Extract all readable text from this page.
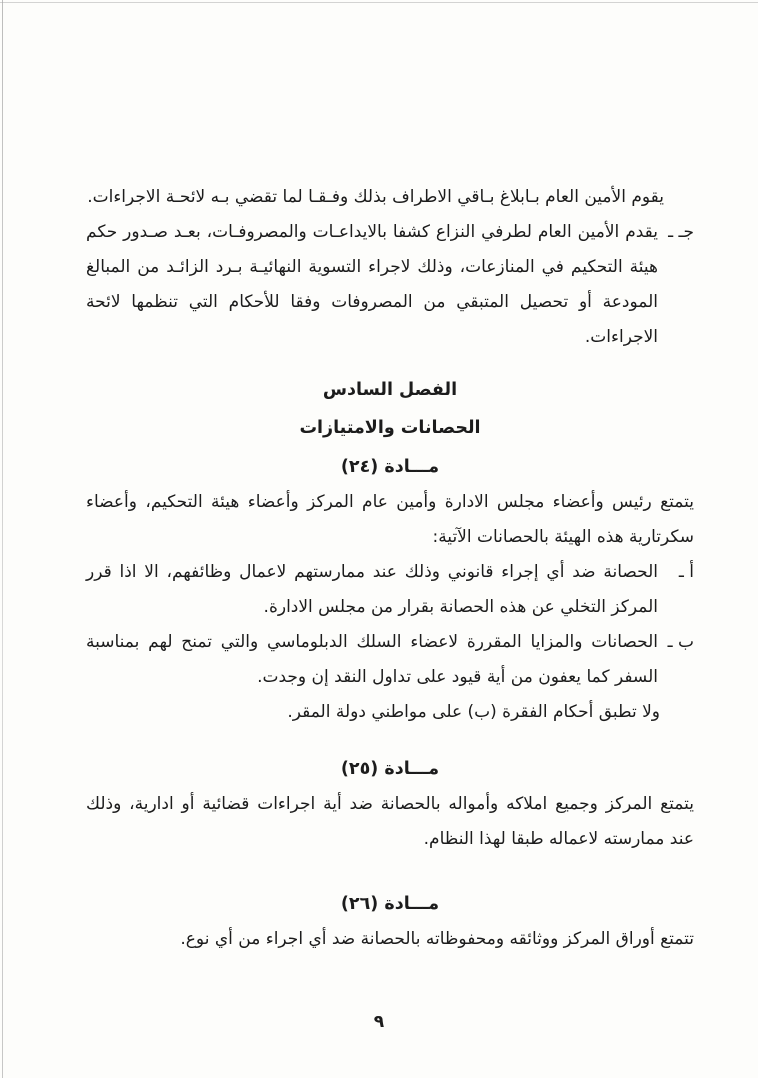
يقوم الأمين العام بـابلاغ بـاقي الاطراف بذلك وفـقـا لما تقضي بـه لائحـة الاجراءات.

جـ ـ
يقدم الأمين العام لطرفي النزاع كشفا بالايداعـات والمصروفـات، بعـد صـدور حكم هيئة التحكيم في المنازعات، وذلك لاجراء التسوية النهائيـة بـرد الزائـد من المبالغ المودعة أو تحصيل المتبقي من المصروفات وفقا للأحكام التي تنظمها لائحة الاجراءات.

الفصل السادس

الحصانات والامتيازات

مـــادة (٢٤)

يتمتع رئيس وأعضاء مجلس الادارة وأمين عام المركز وأعضاء هيئة التحكيم، وأعضاء سكرتارية هذه الهيئة بالحصانات الآتية:

أ ـ
الحصانة ضد أي إجراء قانوني وذلك عند ممارستهم لاعمال وظائفهم، الا اذا قرر المركز التخلي عن هذه الحصانة بقرار من مجلس الادارة.

ب ـ
الحصانات والمزايا المقررة لاعضاء السلك الدبلوماسي والتي تمنح لهم بمناسبة السفر كما يعفون من أية قيود على تداول النقد إن وجدت.

ولا تطبق أحكام الفقرة (ب) على مواطني دولة المقر.

مـــادة (٢٥)

يتمتع المركز وجميع املاكه وأمواله بالحصانة ضد أية اجراءات قضائية أو ادارية، وذلك عند ممارسته لاعماله طبقا لهذا النظام.

مـــادة (٢٦)

تتمتع أوراق المركز ووثائقه ومحفوظاته بالحصانة ضد أي اجراء من أي نوع.

٩
